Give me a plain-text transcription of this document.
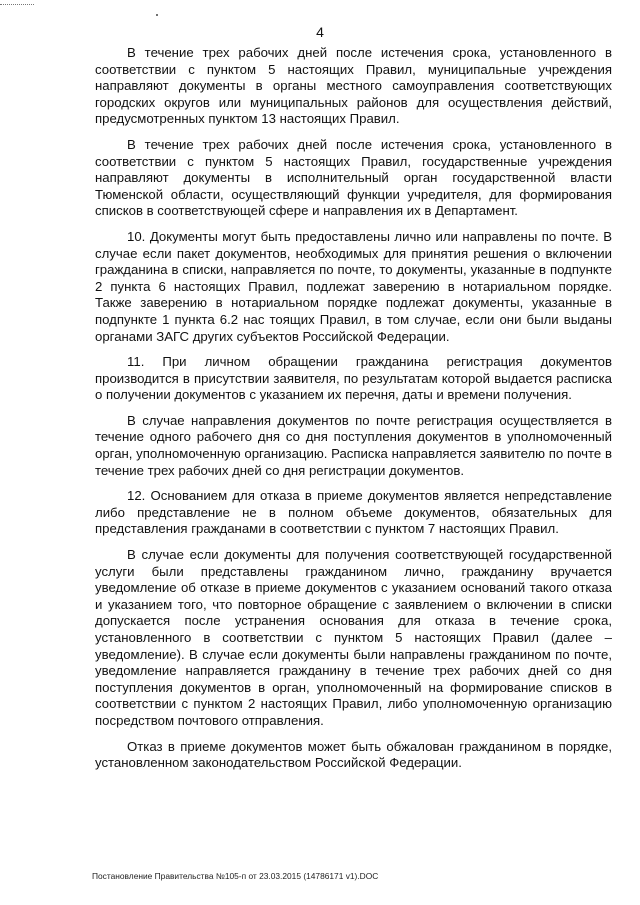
4

В течение трех рабочих дней после истечения срока, установленного в соответствии с пунктом 5 настоящих Правил, муниципальные учреждения направляют документы в органы местного самоуправления соответствующих городских округов или муниципальных районов для осуществления действий, предусмотренных пунктом 13 настоящих Правил.

В течение трех рабочих дней после истечения срока, установленного в соответствии с пунктом 5 настоящих Правил, государственные учреждения направляют документы в исполнительный орган государственной власти Тюменской области, осуществляющий функции учредителя, для формирования списков в соответствующей сфере и направления их в Департамент.

10. Документы могут быть предоставлены лично или направлены по почте. В случае если пакет документов, необходимых для принятия решения о включении гражданина в списки, направляется по почте, то документы, указанные в подпункте 2 пункта 6 настоящих Правил, подлежат заверению в нотариальном порядке. Также заверению в нотариальном порядке подлежат документы, указанные в подпункте 1 пункта 6.2 нас тоящих Правил, в том случае, если они были выданы органами ЗАГС других субъектов Российской Федерации.

11. При личном обращении гражданина регистрация документов производится в присутствии заявителя, по результатам которой выдается расписка о получении документов с указанием их перечня, даты и времени получения.

В случае направления документов по почте регистрация осуществляется в течение одного рабочего дня со дня поступления документов в уполномоченный орган, уполномоченную организацию. Расписка направляется заявителю по почте в течение трех рабочих дней со дня регистрации документов.

12. Основанием для отказа в приеме документов является непредставление либо представление не в полном объеме документов, обязательных для представления гражданами в соответствии с пунктом 7 настоящих Правил.

В случае если документы для получения соответствующей государственной услуги были представлены гражданином лично, гражданину вручается уведомление об отказе в приеме документов с указанием оснований такого отказа и указанием того, что повторное обращение с заявлением о включении в списки допускается после устранения основания для отказа в течение срока, установленного в соответствии с пунктом 5 настоящих Правил (далее – уведомление). В случае если документы были направлены гражданином по почте, уведомление направляется гражданину в течение трех рабочих дней со дня поступления документов в орган, уполномоченный на формирование списков в соответствии с пунктом 2 настоящих Правил, либо уполномоченную организацию посредством почтового отправления.

Отказ в приеме документов может быть обжалован гражданином в порядке, установленном законодательством Российской Федерации.

Постановление Правительства №105-п от 23.03.2015 (14786171 v1).DOC
